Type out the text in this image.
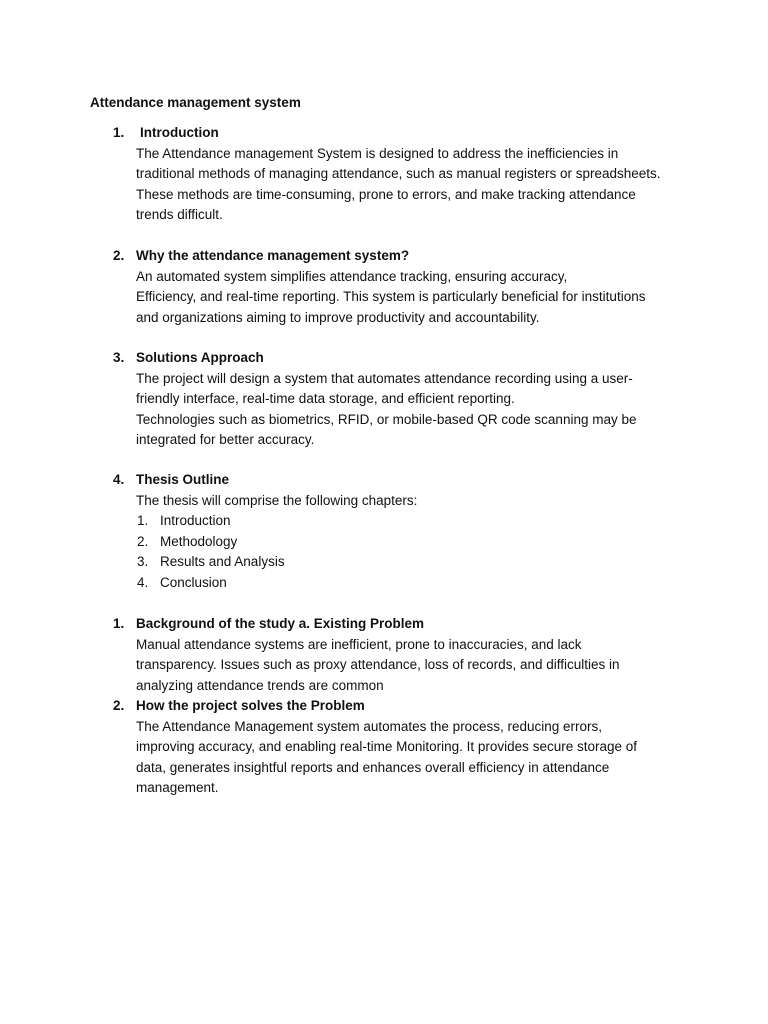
Attendance management system
1. Introduction
The Attendance management System is designed to address the inefficiencies in
traditional methods of managing attendance, such as manual registers or spreadsheets.
These methods are time-consuming, prone to errors, and make tracking attendance
trends difficult.
2. Why the attendance management system?
An automated system simplifies attendance tracking, ensuring accuracy,
Efficiency, and real-time reporting. This system is particularly beneficial for institutions
and organizations aiming to improve productivity and accountability.
3. Solutions Approach
The project will design a system that automates attendance recording using a user-
friendly interface, real-time data storage, and efficient reporting.
Technologies such as biometrics, RFID, or mobile-based QR code scanning may be
integrated for better accuracy.
4. Thesis Outline
The thesis will comprise the following chapters:
1. Introduction
2. Methodology
3. Results and Analysis
4. Conclusion
1. Background of the study a. Existing Problem
Manual attendance systems are inefficient, prone to inaccuracies, and lack
transparency. Issues such as proxy attendance, loss of records, and difficulties in
analyzing attendance trends are common
2. How the project solves the Problem
The Attendance Management system automates the process, reducing errors,
improving accuracy, and enabling real-time Monitoring. It provides secure storage of
data, generates insightful reports and enhances overall efficiency in attendance
management.
